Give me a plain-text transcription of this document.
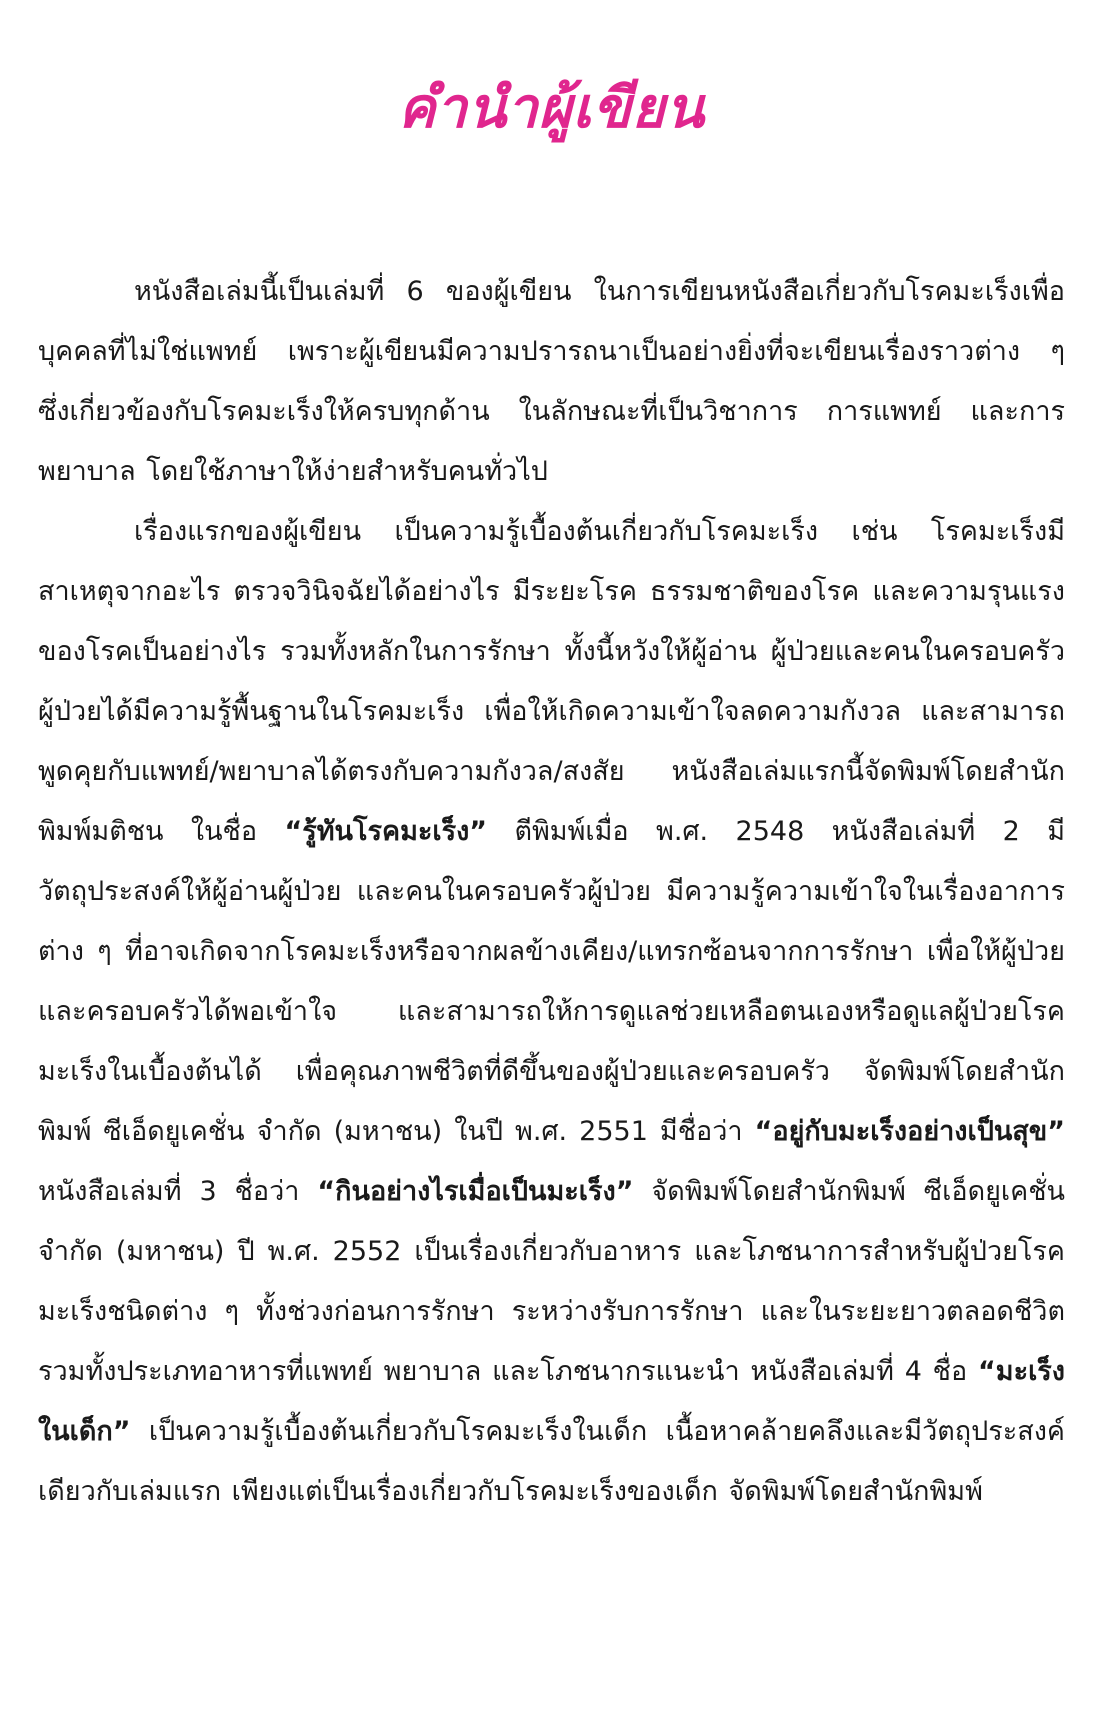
คำนำผู้เขียน

หนังสือเล่มนี้เป็นเล่มที่ 6 ของผู้เขียน ในการเขียนหนังสือเกี่ยวกับโรคมะเร็งเพื่อบุคคลที่ไม่ใช่แพทย์ เพราะผู้เขียนมีความปรารถนาเป็นอย่างยิ่งที่จะเขียนเรื่องราวต่าง ๆ ซึ่งเกี่ยวข้องกับโรคมะเร็งให้ครบทุกด้าน ในลักษณะที่เป็นวิชาการ การแพทย์ และการพยาบาล โดยใช้ภาษาให้ง่ายสำหรับคนทั่วไป

เรื่องแรกของผู้เขียน เป็นความรู้เบื้องต้นเกี่ยวกับโรคมะเร็ง เช่น โรคมะเร็งมีสาเหตุจากอะไร ตรวจวินิจฉัยได้อย่างไร มีระยะโรค ธรรมชาติของโรค และความรุนแรงของโรคเป็นอย่างไร รวมทั้งหลักในการรักษา ทั้งนี้หวังให้ผู้อ่าน ผู้ป่วยและคนในครอบครัวผู้ป่วยได้มีความรู้พื้นฐานในโรคมะเร็ง เพื่อให้เกิดความเข้าใจลดความกังวล และสามารถพูดคุยกับแพทย์/พยาบาลได้ตรงกับความกังวล/สงสัย หนังสือเล่มแรกนี้จัดพิมพ์โดยสำนักพิมพ์มติชน ในชื่อ “รู้ทันโรคมะเร็ง” ตีพิมพ์เมื่อ พ.ศ. 2548 หนังสือเล่มที่ 2 มีวัตถุประสงค์ให้ผู้อ่านผู้ป่วย และคนในครอบครัวผู้ป่วย มีความรู้ความเข้าใจในเรื่องอาการต่าง ๆ ที่อาจเกิดจากโรคมะเร็งหรือจากผลข้างเคียง/แทรกซ้อนจากการรักษา เพื่อให้ผู้ป่วยและครอบครัวได้พอเข้าใจ และสามารถให้การดูแลช่วยเหลือตนเองหรือดูแลผู้ป่วยโรคมะเร็งในเบื้องต้นได้ เพื่อคุณภาพชีวิตที่ดีขึ้นของผู้ป่วยและครอบครัว จัดพิมพ์โดยสำนักพิมพ์ ซีเอ็ดยูเคชั่น จำกัด (มหาชน) ในปี พ.ศ. 2551 มีชื่อว่า “อยู่กับมะเร็งอย่างเป็นสุข” หนังสือเล่มที่ 3 ชื่อว่า “กินอย่างไรเมื่อเป็นมะเร็ง” จัดพิมพ์โดยสำนักพิมพ์ ซีเอ็ดยูเคชั่น จำกัด (มหาชน) ปี พ.ศ. 2552 เป็นเรื่องเกี่ยวกับอาหาร และโภชนาการสำหรับผู้ป่วยโรคมะเร็งชนิดต่าง ๆ ทั้งช่วงก่อนการรักษา ระหว่างรับการรักษา และในระยะยาวตลอดชีวิต รวมทั้งประเภทอาหารที่แพทย์ พยาบาล และโภชนากรแนะนำ หนังสือเล่มที่ 4 ชื่อ “มะเร็งในเด็ก” เป็นความรู้เบื้องต้นเกี่ยวกับโรคมะเร็งในเด็ก เนื้อหาคล้ายคลึงและมีวัตถุประสงค์เดียวกับเล่มแรก เพียงแต่เป็นเรื่องเกี่ยวกับโรคมะเร็งของเด็ก จัดพิมพ์โดยสำนักพิมพ์
